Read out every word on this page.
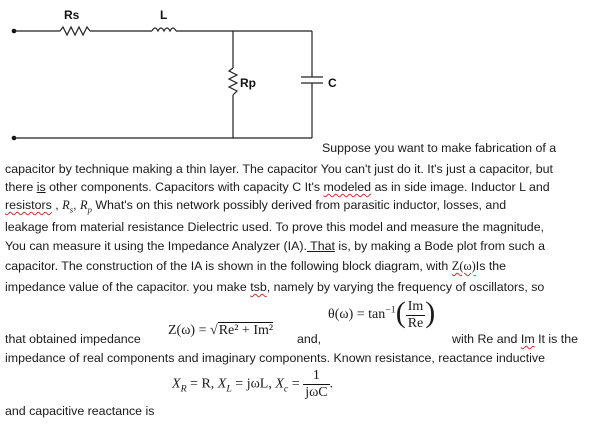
Rs	L
Rp	C
Suppose you want to make fabrication of a
capacitor by technique making a thin layer. The capacitor You can't just do it. It's just a capacitor, but
there is other components. Capacitors with capacity C It's modeled as in side image. Inductor L and
resistors , $R_s$, $R_p$ What's on this network possibly derived from parasitic inductor, losses, and
leakage from material resistance Dielectric used. To prove this model and measure the magnitude,
You can measure it using the Impedance Analyzer (IA). That is, by making a Bode plot from such a
capacitor. The construction of the IA is shown in the following block diagram, with Z(ω)Is the
impedance value of the capacitor. you make tsb, namely by varying the frequency of oscillators, so
that obtained impedance
Z(ω) = √Re² + Im²
and,
$\theta(\omega) = \tan^{-1}( \frac{Im}{Re}$ )
with Re and Im It is the
impedance of real components and imaginary components. Known resistance, reactance inductive
$X_R = R$, $X_L = j\omega L$, $X_c = \frac{1}{\text{jωC}}$ .
and capacitive reactance is
